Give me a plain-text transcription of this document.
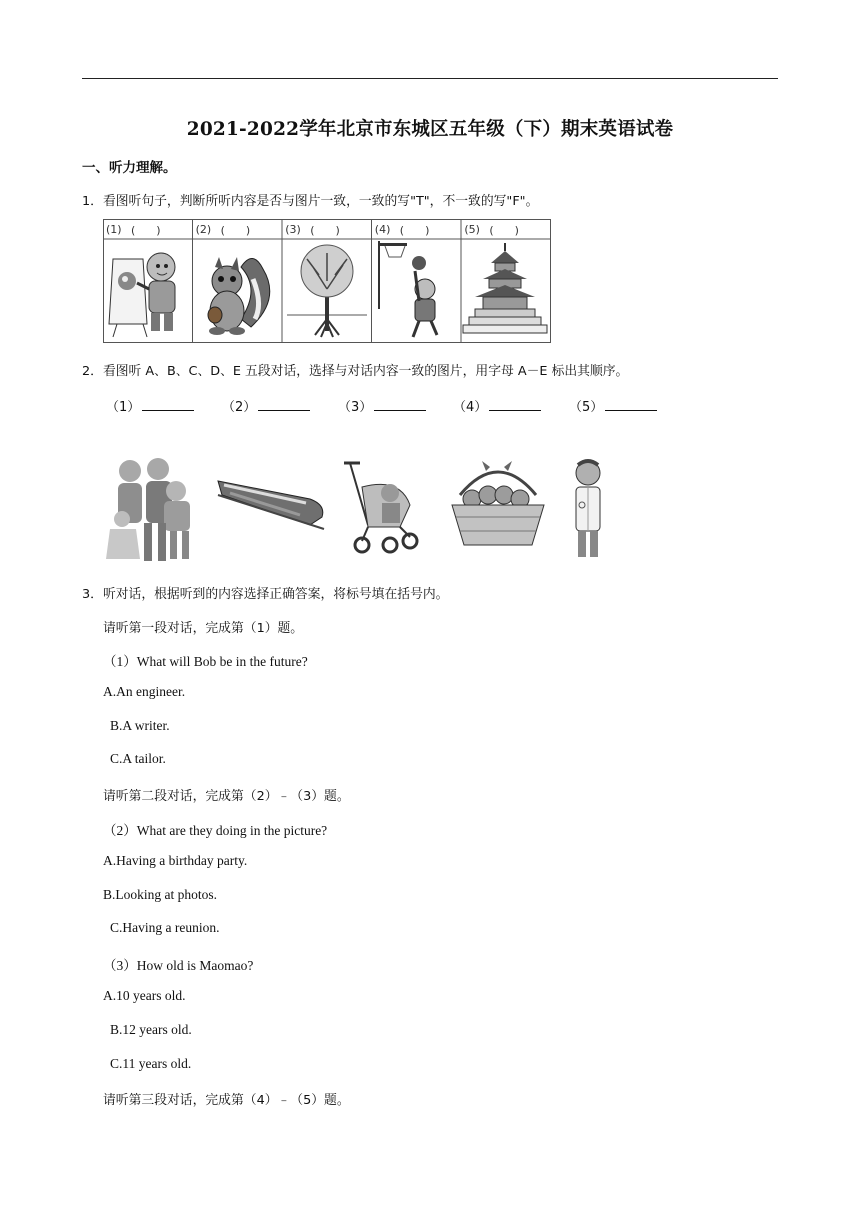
2021-2022学年北京市东城区五年级（下）期末英语试卷
一、听力理解。
1．看图听句子，判断所听内容是否与图片一致，一致的写"T"，不一致的写"F"。
(1) (      )	(2) (      )	(3) (      )	(4) (      )	(5) (      )
2．看图听 A、B、C、D、E 五段对话，选择与对话内容一致的图片，用字母 A－E 标出其顺序。
（1）	（2）	（3）	（4）	（5）
3．听对话，根据听到的内容选择正确答案，将标号填在括号内。
请听第一段对话，完成第（1）题。
（1）What will Bob be in the future?
A.An engineer.
B.A writer.
C.A tailor.
请听第二段对话，完成第（2）﹣（3）题。
（2）What are they doing in the picture?
A.Having a birthday party.
B.Looking at photos.
C.Having a reunion.
（3）How old is Maomao?
A.10 years old.
B.12 years old.
C.11 years old.
请听第三段对话，完成第（4）﹣（5）题。
